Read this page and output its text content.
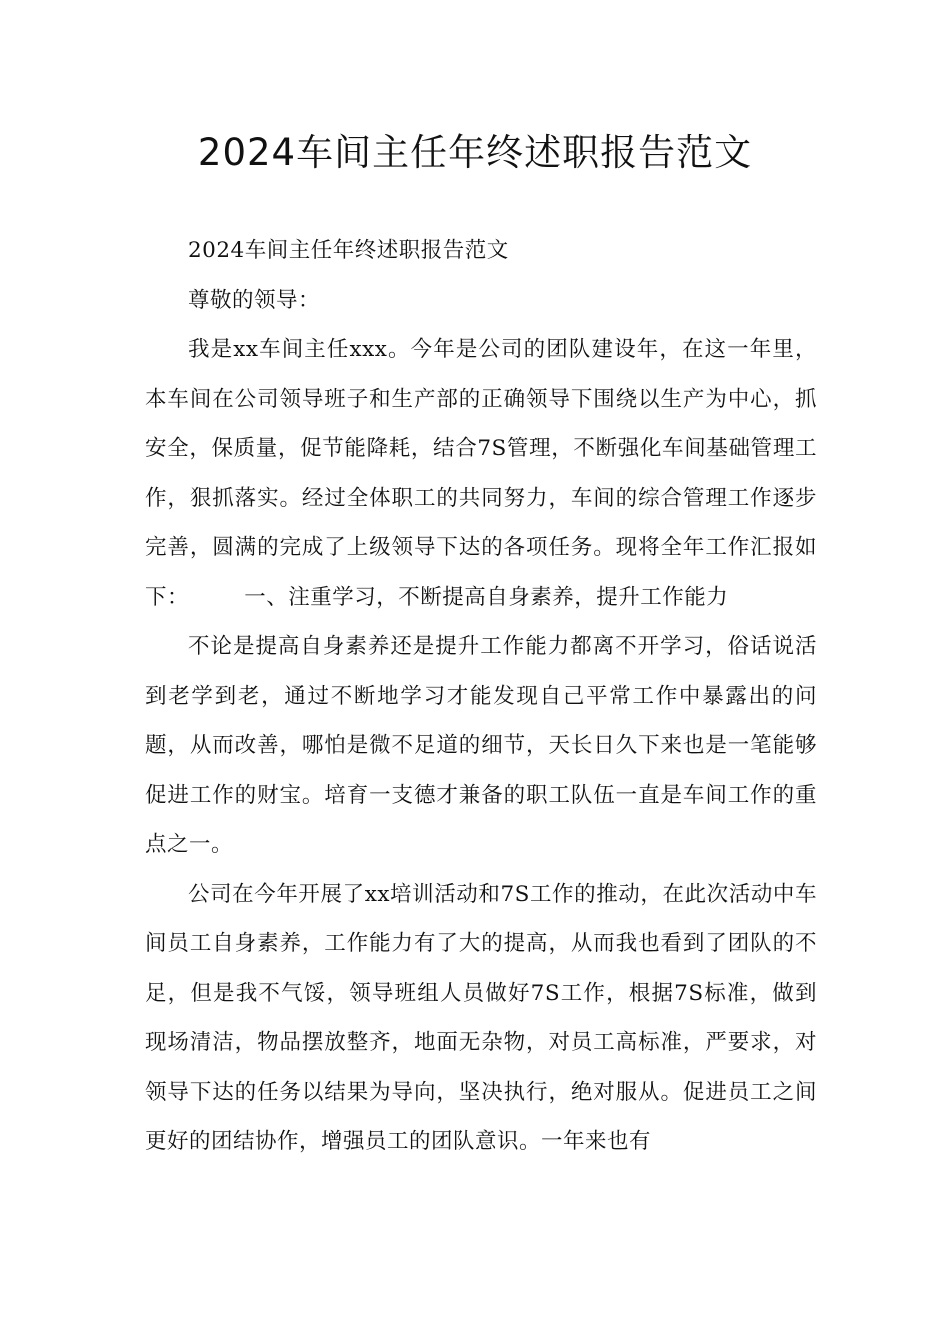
2024车间主任年终述职报告范文

2024车间主任年终述职报告范文

尊敬的领导：

我是xx车间主任xxx。今年是公司的团队建设年，在这一年里，本车间在公司领导班子和生产部的正确领导下围绕以生产为中心，抓安全，保质量，促节能降耗，结合7S管理，不断强化车间基础管理工作，狠抓落实。经过全体职工的共同努力，车间的综合管理工作逐步完善，圆满的完成了上级领导下达的各项任务。现将全年工作汇报如下：　　　一、注重学习，不断提高自身素养，提升工作能力

不论是提高自身素养还是提升工作能力都离不开学习，俗话说活到老学到老，通过不断地学习才能发现自己平常工作中暴露出的问题，从而改善，哪怕是微不足道的细节，天长日久下来也是一笔能够促进工作的财宝。培育一支德才兼备的职工队伍一直是车间工作的重点之一。

公司在今年开展了xx培训活动和7S工作的推动，在此次活动中车间员工自身素养，工作能力有了大的提高，从而我也看到了团队的不足，但是我不气馁，领导班组人员做好7S工作，根据7S标准，做到现场清洁，物品摆放整齐，地面无杂物，对员工高标准，严要求，对领导下达的任务以结果为导向，坚决执行，绝对服从。促进员工之间更好的团结协作，增强员工的团队意识。一年来也有
